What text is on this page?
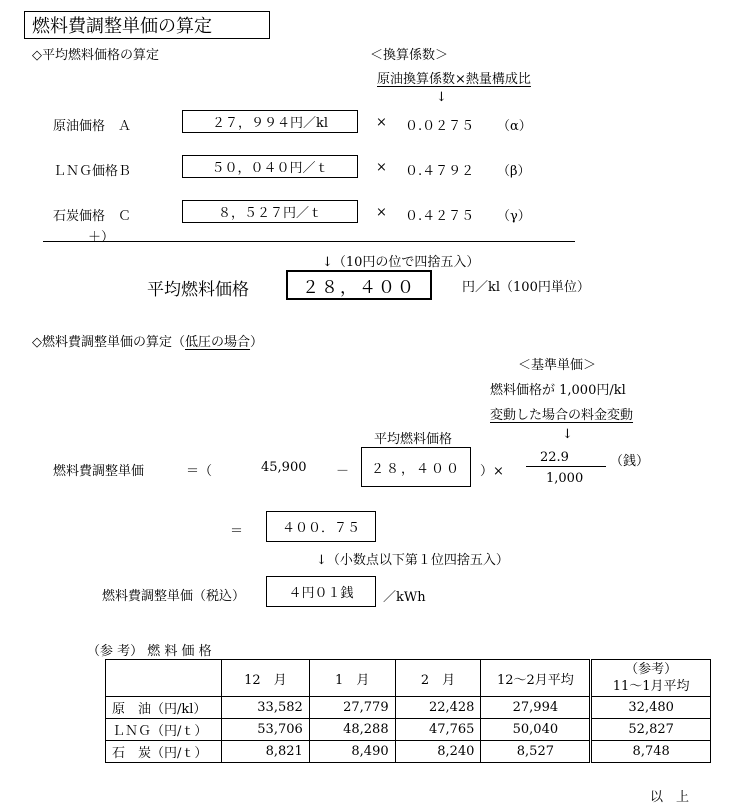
燃料費調整単価の算定
◇平均燃料価格の算定	＜換算係数＞
原油換算係数×熱量構成比
↓
原油価格　Ａ	２７，９９４円／kl	× ０.０２７５ （α）
ＬＮＧ価格Ｂ	５０，０４０円／ｔ	× ０.４７９２ （β）
石炭価格　Ｃ	８，５２７円／ｔ	× ０.４２７５ （γ）
＋）
↓（10円の位で四捨五入）
平均燃料価格	２８，４００	円／kl（100円単位）
◇燃料費調整単価の算定（低圧の場合）
＜基準単価＞
燃料価格が 1,000円/kl
変動した場合の料金変動
↓
平均燃料価格
燃料費調整単価	＝（	45,900 － ２８，４００ ）×
22.9
1,000
（銭）
＝	４００．７５
↓（小数点以下第１位四捨五入）
燃料費調整単価（税込）	４円０１銭 ／kWh
（参 考） 燃 料 価 格
	12　月	1　月	2　月	12～2月平均	（参考）
11～1月平均
原　油（円/kl）	33,582	27,779	22,428	27,994	32,480
ＬＮＧ（円/ｔ）	53,706	48,288	47,765	50,040	52,827
石　炭（円/ｔ）	8,821	8,490	8,240	8,527	8,748
以　上
